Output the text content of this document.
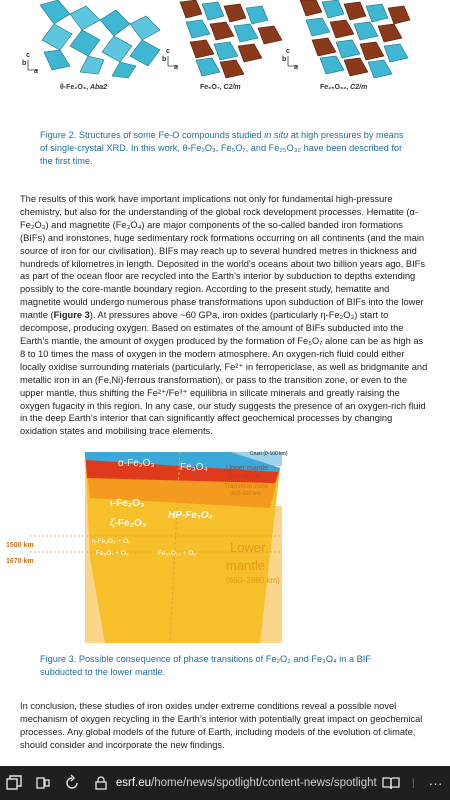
b
c
a
b
c
a
b
c
a
θ-Fe₂O₃, Aba2	Fe₅O₇, C2/m	Fe₂₅O₃₂, C2/m
Figure 2. Structures of some Fe-O compounds studied in situ at high pressures by means of single-crystal XRD. In this work, θ-Fe₂O₃, Fe₅O₇, and Fe₂₅O₃₂ have been described for the first time.
The results of this work have important implications not only for fundamental high-pressure chemistry, but also for the understanding of the global rock development processes. Hematite (α-Fe₂O₃) and magnetite (Fe₃O₄) are major components of the so-called banded iron formations (BIFs) and ironstones, huge sedimentary rock formations occurring on all continents (and the main source of iron for our civilisation). BIFs may reach up to several hundred metres in thickness and hundreds of kilometres in length. Deposited in the world’s oceans about two billion years ago, BIFs as part of the ocean floor are recycled into the Earth’s interior by subduction to depths extending possibly to the core-mantle boundary region. According to the present study, hematite and magnetite would undergo numerous phase transformations upon subduction of BIFs into the lower mantle (Figure 3). At pressures above ~60 GPa, iron oxides (particularly η-Fe₂O₃) start to decompose, producing oxygen. Based on estimates of the amount of BIFs subducted into the Earth’s mantle, the amount of oxygen produced by the formation of Fe₅O₇ alone can be as high as 8 to 10 times the mass of oxygen in the modern atmosphere. An oxygen-rich fluid could either locally oxidise surrounding materials (particularly, Fe²⁺ in ferropericlase, as well as bridgmanite and metallic iron in an (Fe,Ni)-ferrous transformation), or pass to the transition zone, or even to the upper mantle, thus shifting the Fe²⁺/Fe³⁺ equilibria in silicate minerals and greatly raising the oxygen fugacity in this region. In any case, our study suggests the presence of an oxygen-rich fluid in the deep Earth’s interior that can significantly affect geochemical processes by changing oxidation states and mobilising trace elements.
Crust (0-100 km)
Upper mantle
(100–410 km)
Transition zone
(410–660 km)
α-Fe₂O₃	Fe₃O₄
ι-Fe₂O₃
HP-Fe₃O₄
ζ-Fe₂O₃
η-Fe₂O₃ + O₂
Fe₅O₇ + O₂	Fe₂₅O₃₂ + O₂
1500 km
1670 km
Lower
mantle
(660–2880 km)
Figure 3. Possible consequence of phase transitions of Fe₂O₃ and Fe₃O₄ in a BIF subducted to the lower mantle.
In conclusion, these studies of iron oxides under extreme conditions reveal a possible novel mechanism of oxygen recycling in the Earth’s interior with potentially great impact on geochemical processes. Any global models of the future of Earth, including models of the evolution of climate, should consider and incorporate the new findings.
esrf.eu /home/news/spotlight/content-news/spotlight	| ···
